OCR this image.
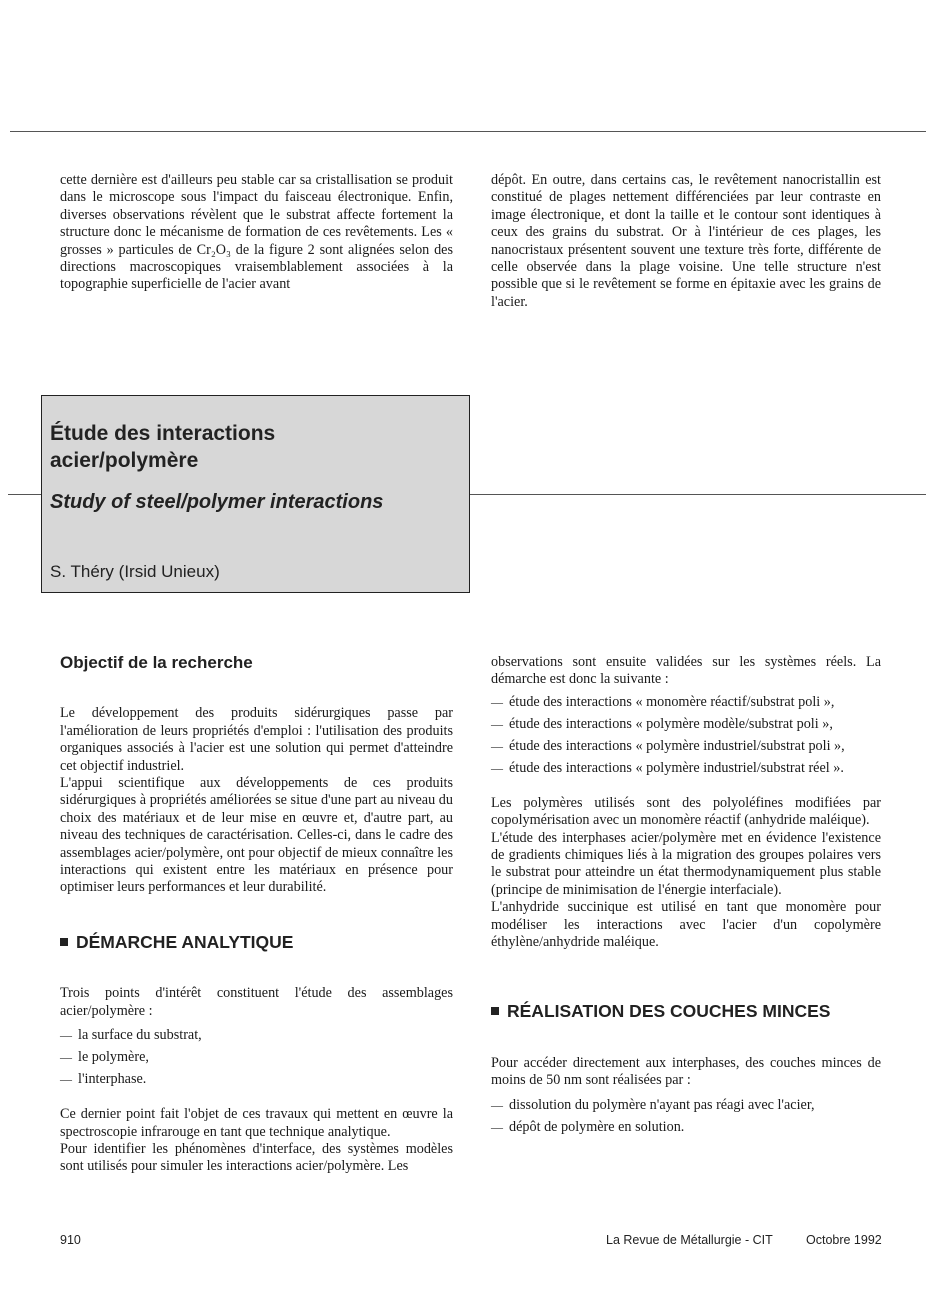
cette dernière est d'ailleurs peu stable car sa cristallisation se produit dans le microscope sous l'impact du faisceau électronique. Enfin, diverses observations révèlent que le substrat affecte fortement la structure donc le mécanisme de formation de ces revêtements. Les « grosses » particules de Cr₂O₃ de la figure 2 sont alignées selon des directions macroscopiques vraisemblablement associées à la topographie superficielle de l'acier avant

dépôt. En outre, dans certains cas, le revêtement nanocristallin est constitué de plages nettement différenciées par leur contraste en image électronique, et dont la taille et le contour sont identiques à ceux des grains du substrat. Or à l'intérieur de ces plages, les nanocristaux présentent souvent une texture très forte, différente de celle observée dans la plage voisine. Une telle structure n'est possible que si le revêtement se forme en épitaxie avec les grains de l'acier.

Étude des interactions
acier/polymère
Study of steel/polymer interactions
S. Théry (Irsid Unieux)
Objectif de la recherche

Le développement des produits sidérurgiques passe par l'amélioration de leurs propriétés d'emploi : l'utilisation des produits organiques associés à l'acier est une solution qui permet d'atteindre cet objectif industriel.

L'appui scientifique aux développements de ces produits sidérurgiques à propriétés améliorées se situe d'une part au niveau du choix des matériaux et de leur mise en œuvre et, d'autre part, au niveau des techniques de caractérisation. Celles-ci, dans le cadre des assemblages acier/polymère, ont pour objectif de mieux connaître les interactions qui existent entre les matériaux en présence pour optimiser leurs performances et leur durabilité.

DÉMARCHE ANALYTIQUE

Trois points d'intérêt constituent l'étude des assemblages acier/polymère :

— la surface du substrat,
— le polymère,
— l'interphase.

Ce dernier point fait l'objet de ces travaux qui mettent en œuvre la spectroscopie infrarouge en tant que technique analytique.

Pour identifier les phénomènes d'interface, des systèmes modèles sont utilisés pour simuler les interactions acier/polymère. Les

observations sont ensuite validées sur les systèmes réels. La démarche est donc la suivante :

— étude des interactions « monomère réactif/substrat poli »,
— étude des interactions « polymère modèle/substrat poli »,
— étude des interactions « polymère industriel/substrat poli »,
— étude des interactions « polymère industriel/substrat réel ».

Les polymères utilisés sont des polyoléfines modifiées par copolymérisation avec un monomère réactif (anhydride maléique).

L'étude des interphases acier/polymère met en évidence l'existence de gradients chimiques liés à la migration des groupes polaires vers le substrat pour atteindre un état thermodynamiquement plus stable (principe de minimisation de l'énergie interfaciale).

L'anhydride succinique est utilisé en tant que monomère pour modéliser les interactions avec l'acier d'un copolymère éthylène/anhydride maléique.

RÉALISATION DES COUCHES MINCES

Pour accéder directement aux interphases, des couches minces de moins de 50 nm sont réalisées par :

— dissolution du polymère n'ayant pas réagi avec l'acier,
— dépôt de polymère en solution.
910	La Revue de Métallurgie - CIT	Octobre 1992
